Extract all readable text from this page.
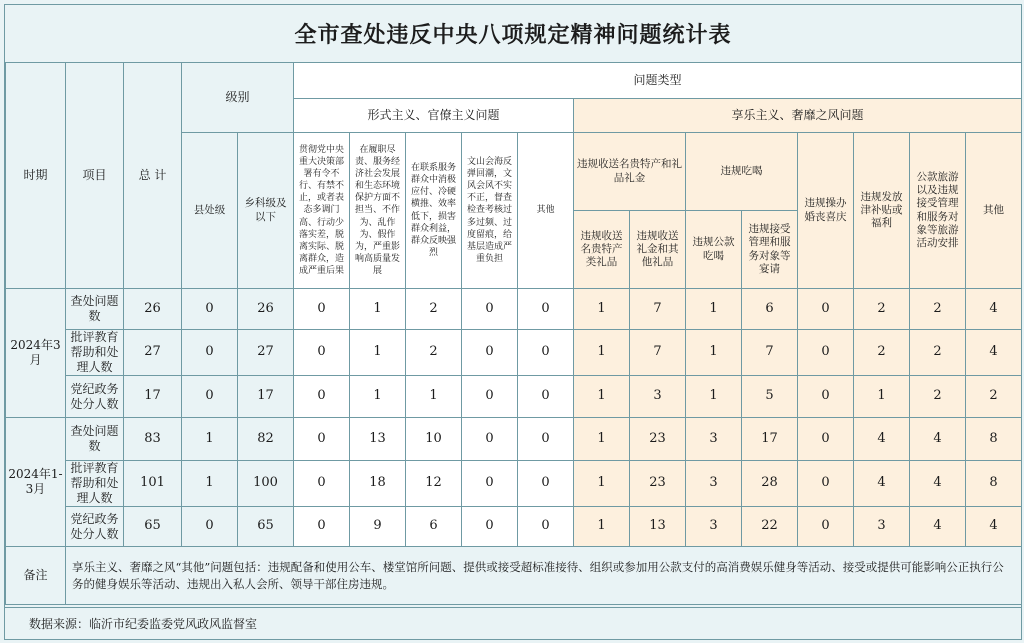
全市查处违反中央八项规定精神问题统计表
时期	项目	总 计	级别		问题类型												
					形式主义、官僚主义问题					享乐主义、奢靡之风问题							
			县处级	乡科级及以下	贯彻党中央重大决策部署有令不行、有禁不止，或者表态多调门高、行动少落实差，脱离实际、脱离群众，造成严重后果	在履职尽责、服务经济社会发展和生态环境保护方面不担当、不作为、乱作为、假作为，严重影响高质量发展	在联系服务群众中消极应付、冷硬横推、效率低下，损害群众利益，群众反映强烈	文山会海反弹回潮，文风会风不实不正，督查检查考核过多过频、过度留痕，给基层造成严重负担	其他	违规收送名贵特产和礼品礼金		违规吃喝		违规操办婚丧喜庆	违规发放津补贴或福利	公款旅游以及违规接受管理和服务对象等旅游活动安排	其他
										违规收送名贵特产类礼品	违规收送礼金和其他礼品	违规公款吃喝	违规接受管理和服务对象等宴请				
2024年3月	查处问题数	26	0	26	0	1	2	0	0	1	7	1	6	0	2	2	4
	批评教育帮助和处理人数	27	0	27	0	1	2	0	0	1	7	1	7	0	2	2	4
	党纪政务处分人数	17	0	17	0	1	1	0	0	1	3	1	5	0	1	2	2
2024年1-3月	查处问题数	83	1	82	0	13	10	0	0	1	23	3	17	0	4	4	8
	批评教育帮助和处理人数	101	1	100	0	18	12	0	0	1	23	3	28	0	4	4	8
	党纪政务处分人数	65	0	65	0	9	6	0	0	1	13	3	22	0	3	4	4
备注	享乐主义、奢靡之风“其他”问题包括：违规配备和使用公车、楼堂馆所问题、提供或接受超标准接待、组织或参加用公款支付的高消费娱乐健身等活动、接受或提供可能影响公正执行公务的健身娱乐等活动、违规出入私人会所、领导干部住房违规。																
数据来源：临沂市纪委监委党风政风监督室
